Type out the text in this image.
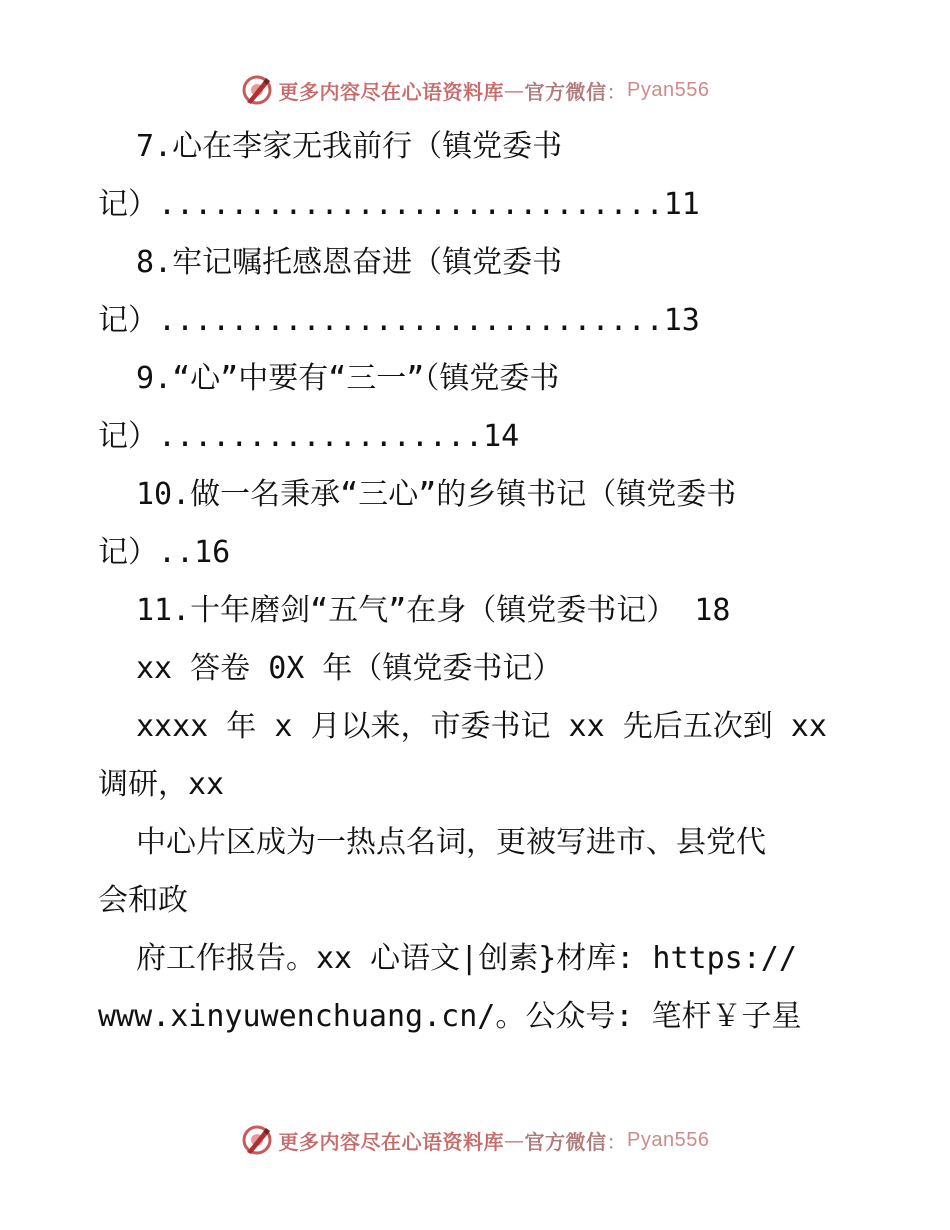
更多内容尽在心语资料库 — 官方微信 ： Pyan556
7.心在李家无我前行（镇党委书
记）............................11
8.牢记嘱托感恩奋进（镇党委书
记）............................13
9.“心”中要有“三一”（镇党委书
记）..................14
10.做一名秉承“三心”的乡镇书记（镇党委书
记）..16
11.十年磨剑“五气”在身（镇党委书记） 18
xx 答卷 0X 年（镇党委书记）
xxxx 年 x 月以来，市委书记 xx 先后五次到 xx
调研，xx
中心片区成为一热点名词，更被写进市、县党代
会和政
府工作报告。xx 心语文|创素}材库: https://
www.xinyuwenchuang.cn/。公众号: 笔杆￥子星
更多内容尽在心语资料库 — 官方微信 ： Pyan556
